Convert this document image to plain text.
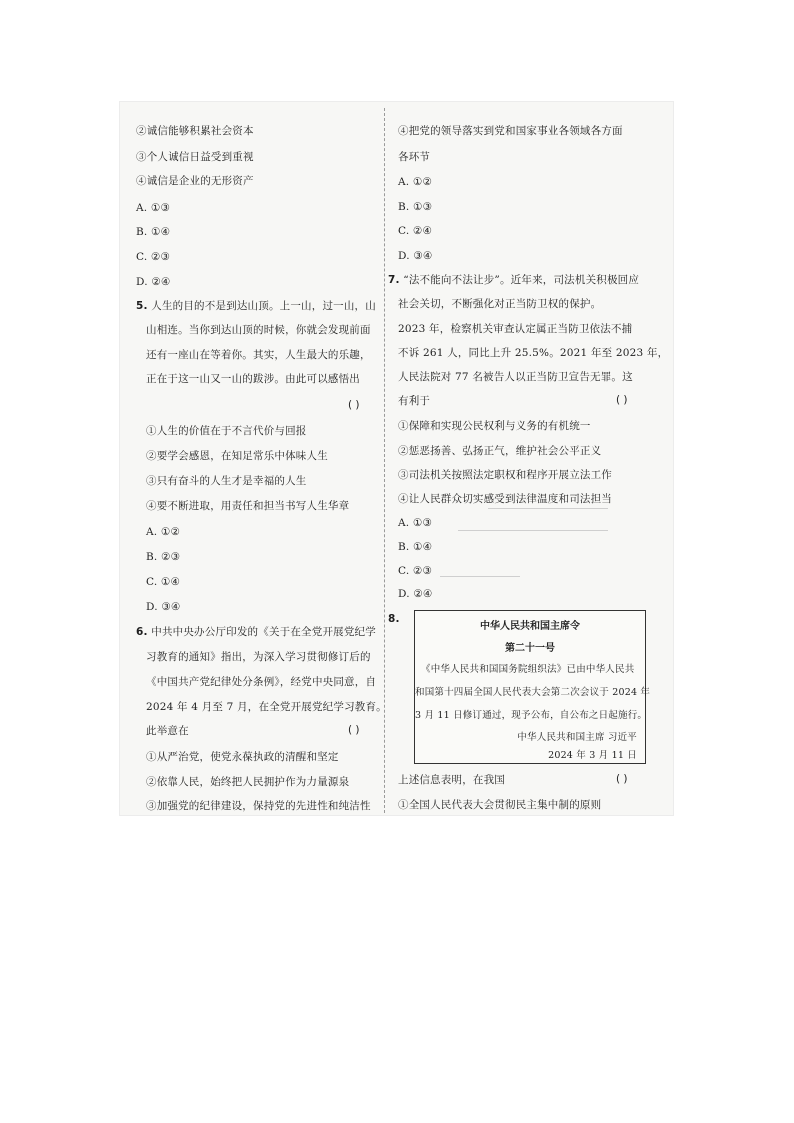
②诚信能够积累社会资本
③个人诚信日益受到重视
④诚信是企业的无形资产
A. ①③
B. ①④
C. ②③
D. ②④
5. 人生的目的不是到达山顶。上一山，过一山，山
山相连。当你到达山顶的时候，你就会发现前面
还有一座山在等着你。其实，人生最大的乐趣，
正在于这一山又一山的跋涉。由此可以感悟出
( )
①人生的价值在于不言代价与回报
②要学会感恩，在知足常乐中体味人生
③只有奋斗的人生才是幸福的人生
④要不断进取，用责任和担当书写人生华章
A. ①②
B. ②③
C. ①④
D. ③④
6. 中共中央办公厅印发的《关于在全党开展党纪学
习教育的通知》指出，为深入学习贯彻修订后的
《中国共产党纪律处分条例》，经党中央同意，自
2024 年 4 月至 7 月，在全党开展党纪学习教育。
此举意在	( )
①从严治党，使党永葆执政的清醒和坚定
②依靠人民，始终把人民拥护作为力量源泉
③加强党的纪律建设，保持党的先进性和纯洁性
④把党的领导落实到党和国家事业各领域各方面
各环节
A. ①②
B. ①③
C. ②④
D. ③④
7. “法不能向不法让步”。近年来，司法机关积极回应
社会关切，不断强化对正当防卫权的保护。
2023 年，检察机关审查认定属正当防卫依法不捕
不诉 261 人，同比上升 25.5%。2021 年至 2023 年，
人民法院对 77 名被告人以正当防卫宣告无罪。这
有利于	( )
①保障和实现公民权利与义务的有机统一
②惩恶扬善、弘扬正气，维护社会公平正义
③司法机关按照法定职权和程序开展立法工作
④让人民群众切实感受到法律温度和司法担当
A. ①③
B. ①④
C. ②③
D. ②④
8.
中华人民共和国主席令
第二十一号
《中华人民共和国国务院组织法》已由中华人民共
和国第十四届全国人民代表大会第二次会议于 2024 年
3 月 11 日修订通过，现予公布，自公布之日起施行。
中华人民共和国主席 习近平
2024 年 3 月 11 日
上述信息表明，在我国	( )
①全国人民代表大会贯彻民主集中制的原则
